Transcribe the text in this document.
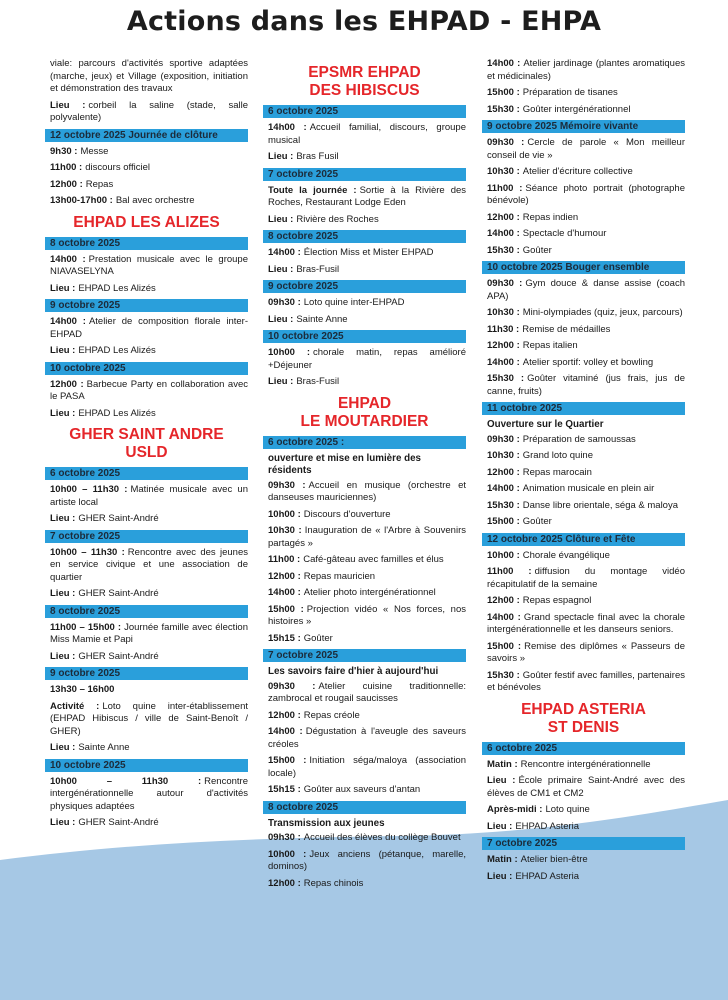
Actions dans les EHPAD - EHPA
viale: parcours d'activités sportive adaptées (marche, jeux) et Village (exposition, initiation et démonstration des travaux
Lieu : corbeil la saline (stade, salle polyvalente)
12 octobre 2025 Journée de clôture
9h30 : Messe
11h00 : discours officiel
12h00 : Repas
13h00-17h00 : Bal avec orchestre
EHPAD LES ALIZES
8 octobre 2025
14h00 : Prestation musicale avec le groupe NIAVASELYNA
Lieu : EHPAD Les Alizés
9 octobre 2025
14h00 : Atelier de composition florale inter-EHPAD
Lieu : EHPAD Les Alizés
10 octobre 2025
12h00 : Barbecue Party en collaboration avec le PASA
Lieu : EHPAD Les Alizés
GHER SAINT ANDRE
USLD
6 octobre 2025
10h00 – 11h30 : Matinée musicale avec un artiste local
Lieu : GHER Saint-André
7 octobre 2025
10h00 – 11h30 : Rencontre avec des jeunes en service civique et une association de quartier
Lieu : GHER Saint-André
8 octobre 2025
11h00 – 15h00 : Journée famille avec élection Miss Mamie et Papi
Lieu : GHER Saint-André
9 octobre 2025
13h30 – 16h00
Activité : Loto quine inter-établissement (EHPAD Hibiscus / ville de Saint-Benoît / GHER)
Lieu : Sainte Anne
10 octobre 2025
10h00 – 11h30 : Rencontre intergénérationnelle autour d'activités physiques adaptées
Lieu : GHER Saint-André
EPSMR EHPAD
DES HIBISCUS
6 octobre 2025
14h00 : Accueil familial, discours, groupe musical
Lieu : Bras Fusil
7 octobre 2025
Toute la journée : Sortie à la Rivière des Roches, Restaurant Lodge Eden
Lieu : Rivière des Roches
8 octobre 2025
14h00 : Élection Miss et Mister EHPAD
Lieu : Bras-Fusil
9 octobre 2025
09h30 : Loto quine inter-EHPAD
Lieu : Sainte Anne
10 octobre 2025
10h00 : chorale matin, repas amélioré +Déjeuner
Lieu : Bras-Fusil
EHPAD
LE MOUTARDIER
6 octobre 2025 :
ouverture et mise en lumière des résidents
09h30 : Accueil en musique (orchestre et danseuses mauriciennes)
10h00 : Discours d'ouverture
10h30 : Inauguration de « l'Arbre à Souvenirs partagés »
11h00 : Café-gâteau avec familles et élus
12h00 : Repas mauricien
14h00 : Atelier photo intergénérationnel
15h00 : Projection vidéo « Nos forces, nos histoires »
15h15 : Goûter
7 octobre 2025
Les savoirs faire d'hier à aujourd'hui
09h30 : Atelier cuisine traditionnelle: zambrocal et rougail saucisses
12h00 : Repas créole
14h00 : Dégustation à l'aveugle des saveurs créoles
15h00 : Initiation séga/maloya (association locale)
15h15 : Goûter aux saveurs d'antan
8 octobre 2025
Transmission aux jeunes
09h30 : Accueil des élèves du collège Bouvet
10h00 : Jeux anciens (pétanque, marelle, dominos)
12h00 : Repas chinois
14h00 : Atelier jardinage (plantes aromatiques et médicinales)
15h00 : Préparation de tisanes
15h30 : Goûter intergénérationnel
9 octobre 2025 Mémoire vivante
09h30 : Cercle de parole « Mon meilleur conseil de vie »
10h30 : Atelier d'écriture collective
11h00 : Séance photo portrait (photographe bénévole)
12h00 : Repas indien
14h00 : Spectacle d'humour
15h30 : Goûter
10 octobre 2025 Bouger ensemble
09h30 : Gym douce & danse assise (coach APA)
10h30 : Mini-olympiades (quiz, jeux, parcours)
11h30 : Remise de médailles
12h00 : Repas italien
14h00 : Atelier sportif: volley et bowling
15h30 : Goûter vitaminé (jus frais, jus de canne, fruits)
11 octobre 2025
Ouverture sur le Quartier
09h30 : Préparation de samoussas
10h30 : Grand loto quine
12h00 : Repas marocain
14h00 : Animation musicale en plein air
15h30 : Danse libre orientale, séga & maloya
15h00 : Goûter
12 octobre 2025 Clôture et Fête
10h00 : Chorale évangélique
11h00 : diffusion du montage vidéo récapitulatif de la semaine
12h00 : Repas espagnol
14h00 : Grand spectacle final avec la chorale intergénérationnelle et les danseurs seniors.
15h00 : Remise des diplômes « Passeurs de savoirs »
15h30 : Goûter festif avec familles, partenaires et bénévoles
EHPAD ASTERIA
ST DENIS
6 octobre 2025
Matin : Rencontre intergénérationnelle
Lieu : École primaire Saint-André avec des élèves de CM1 et CM2
Après-midi : Loto quine
Lieu : EHPAD Asteria
7 octobre 2025
Matin : Atelier bien-être
Lieu : EHPAD Asteria
